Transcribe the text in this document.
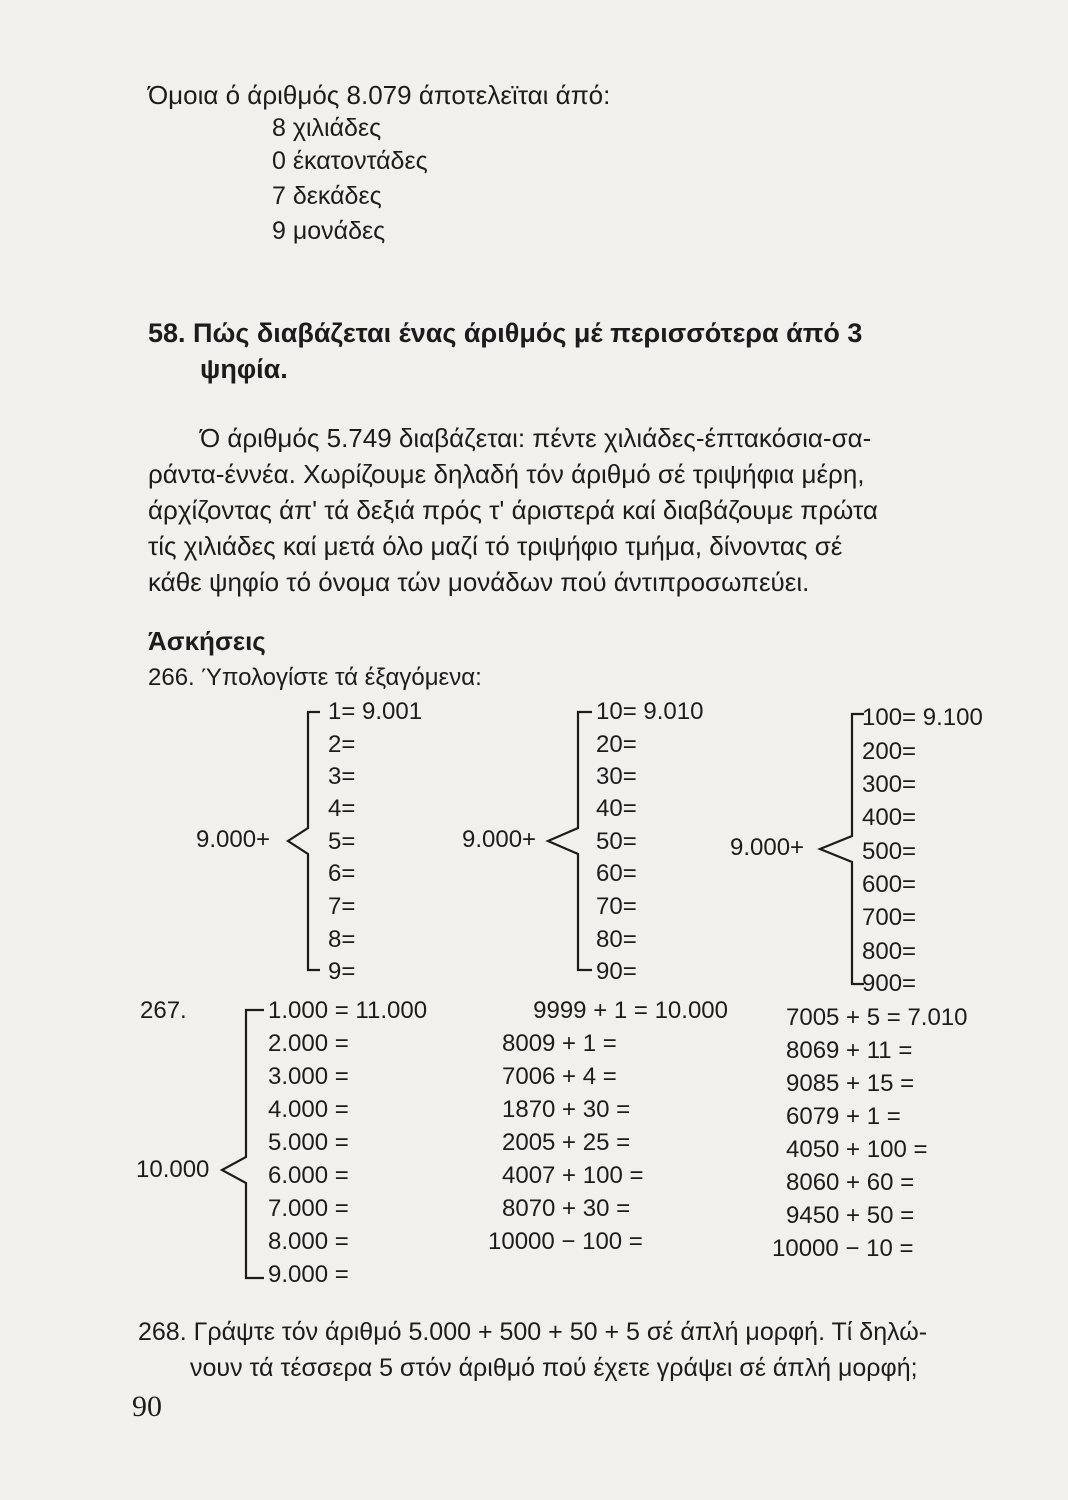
Όμοια ό άριθμός 8.079 άποτελεϊται άπό:
8 χιλιάδες
0 έκατοντάδες
7 δεκάδες
9 μονάδες
58. Πώς διαβάζεται ένας άριθμός μέ περισσότερα άπό 3
ψηφία.
Ό άριθμός 5.749 διαβάζεται: πέντε χιλιάδες-έπτακόσια-σα-
ράντα-έννέα. Χωρίζουμε δηλαδή τόν άριθμό σέ τριψήφια μέρη,
άρχίζοντας άπ' τά δεξιά πρός τ' άριστερά καί διαβάζουμε πρώτα
τίς χιλιάδες καί μετά όλο μαζί τό τριψήφιο τμήμα, δίνοντας σέ
κάθε ψηφίο τό όνομα τών μονάδων πού άντιπροσωπεύει.
Άσκήσεις
266. Ύπολογίστε τά έξαγόμενα:
9.000+
1= 9.001
2=
3=
4=
5=
6=
7=
8=
9=
9.000+
10= 9.010
20=
30=
40=
50=
60=
70=
80=
90=
9.000+
100= 9.100
200=
300=
400=
500=
600=
700=
800=
900=
267.
10.000
1.000 = 11.000
2.000 =
3.000 =
4.000 =
5.000 =
6.000 =
7.000 =
8.000 =
9.000 =
9999 + 1 = 10.000
8009 + 1 =
7006 + 4 =
1870 + 30 =
2005 + 25 =
4007 + 100 =
8070 + 30 =
10000 − 100 =
7005 + 5 = 7.010
8069 + 11 =
9085 + 15 =
6079 + 1 =
4050 + 100 =
8060 + 60 =
9450 + 50 =
10000 − 10 =
268. Γράψτε τόν άριθμό 5.000 + 500 + 50 + 5 σέ άπλή μορφή. Τί δηλώ-
νουν τά τέσσερα 5 στόν άριθμό πού έχετε γράψει σέ άπλή μορφή;
90
